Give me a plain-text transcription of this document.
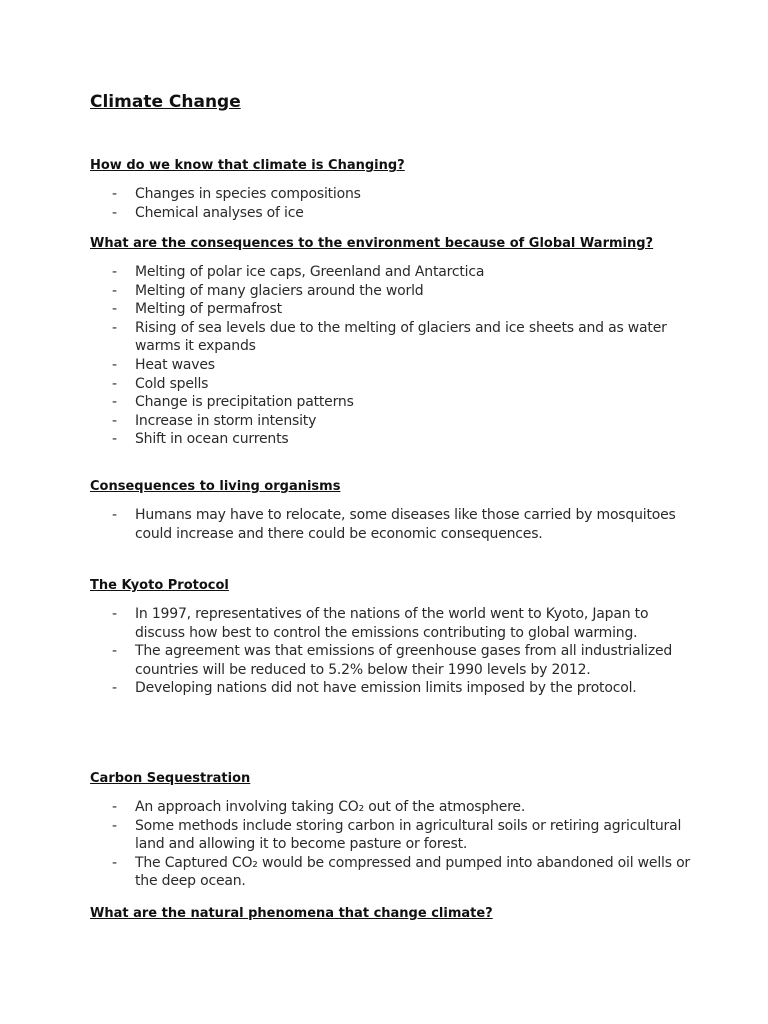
Climate Change
How do we know that climate is Changing?
- Changes in species compositions
- Chemical analyses of ice
What are the consequences to the environment because of Global Warming?
- Melting of polar ice caps, Greenland and Antarctica
- Melting of many glaciers around the world
- Melting of permafrost
- Rising of sea levels due to the melting of glaciers and ice sheets and as water warms it expands
- Heat waves
- Cold spells
- Change is precipitation patterns
- Increase in storm intensity
- Shift in ocean currents
Consequences to living organisms
- Humans may have to relocate, some diseases like those carried by mosquitoes could increase and there could be economic consequences.
The Kyoto Protocol
- In 1997, representatives of the nations of the world went to Kyoto, Japan to discuss how best to control the emissions contributing to global warming.
- The agreement was that emissions of greenhouse gases from all industrialized countries will be reduced to 5.2% below their 1990 levels by 2012.
- Developing nations did not have emission limits imposed by the protocol.
Carbon Sequestration
- An approach involving taking CO₂ out of the atmosphere.
- Some methods include storing carbon in agricultural soils or retiring agricultural land and allowing it to become pasture or forest.
- The Captured CO₂ would be compressed and pumped into abandoned oil wells or the deep ocean.
What are the natural phenomena that change climate?
